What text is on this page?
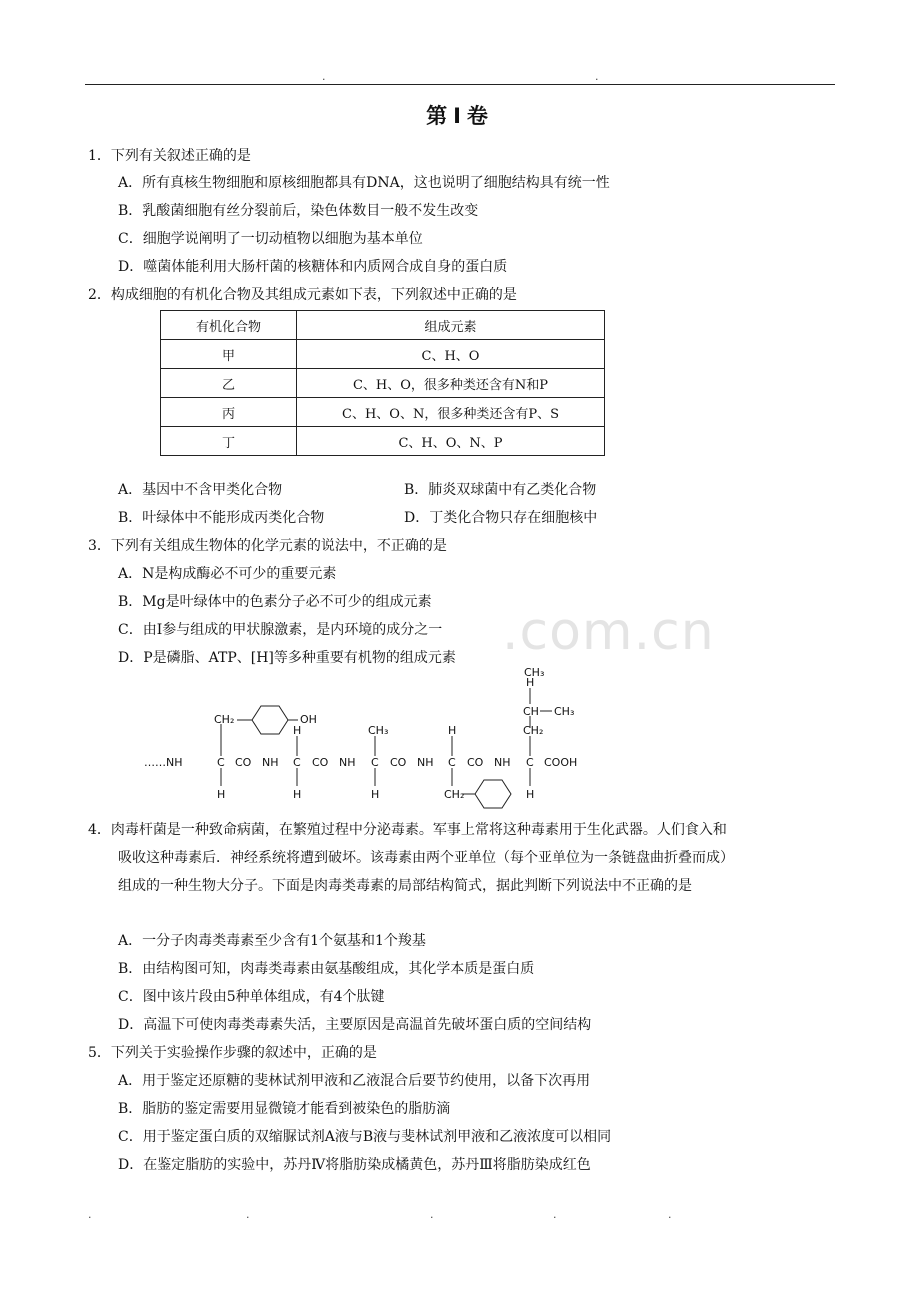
.	.
第Ⅰ卷
.com.cn
1．下列有关叙述正确的是
A．所有真核生物细胞和原核细胞都具有DNA，这也说明了细胞结构具有统一性
B．乳酸菌细胞有丝分裂前后，染色体数目一般不发生改变
C．细胞学说阐明了一切动植物以细胞为基本单位
D．噬菌体能利用大肠杆菌的核糖体和内质网合成自身的蛋白质
2．构成细胞的有机化合物及其组成元素如下表，下列叙述中正确的是
有机化合物	组成元素
甲	C、H、O
乙	C、H、O，很多种类还含有N和P
丙	C、H、O、N，很多种类还含有P、S
丁	C、H、O、N、P
A．基因中不含甲类化合物	B．肺炎双球菌中有乙类化合物
B．叶绿体中不能形成丙类化合物	D．丁类化合物只存在细胞核中
3．下列有关组成生物体的化学元素的说法中，不正确的是
A．N是构成酶必不可少的重要元素
B．Mg是叶绿体中的色素分子必不可少的组成元素
C．由I参与组成的甲状腺激素，是内环境的成分之一
D．P是磷脂、ATP、[H]等多种重要有机物的组成元素
……NH	C CO NH C CO NH C CO NH C CO NH C COOH
CH₂	OH
H	CH₃	H
H
CH₂
CH CH₃
CH₃
H	H	H	CH₂	H
4．肉毒杆菌是一种致命病菌，在繁殖过程中分泌毒素。军事上常将这种毒素用于生化武器。人们食入和
吸收这种毒素后．神经系统将遭到破坏。该毒素由两个亚单位（每个亚单位为一条链盘曲折叠而成）
组成的一种生物大分子。下面是肉毒类毒素的局部结构简式，据此判断下列说法中不正确的是
A．一分子肉毒类毒素至少含有1个氨基和1个羧基
B．由结构图可知，肉毒类毒素由氨基酸组成，其化学本质是蛋白质
C．图中该片段由5种单体组成，有4个肽键
D．高温下可使肉毒类毒素失活，主要原因是高温首先破坏蛋白质的空间结构
5．下列关于实验操作步骤的叙述中，正确的是
A．用于鉴定还原糖的斐林试剂甲液和乙液混合后要节约使用，以备下次再用
B．脂肪的鉴定需要用显微镜才能看到被染色的脂肪滴
C．用于鉴定蛋白质的双缩脲试剂A液与B液与斐林试剂甲液和乙液浓度可以相同
D．在鉴定脂肪的实验中，苏丹Ⅳ将脂肪染成橘黄色，苏丹Ⅲ将脂肪染成红色
.	.	.	.	.
